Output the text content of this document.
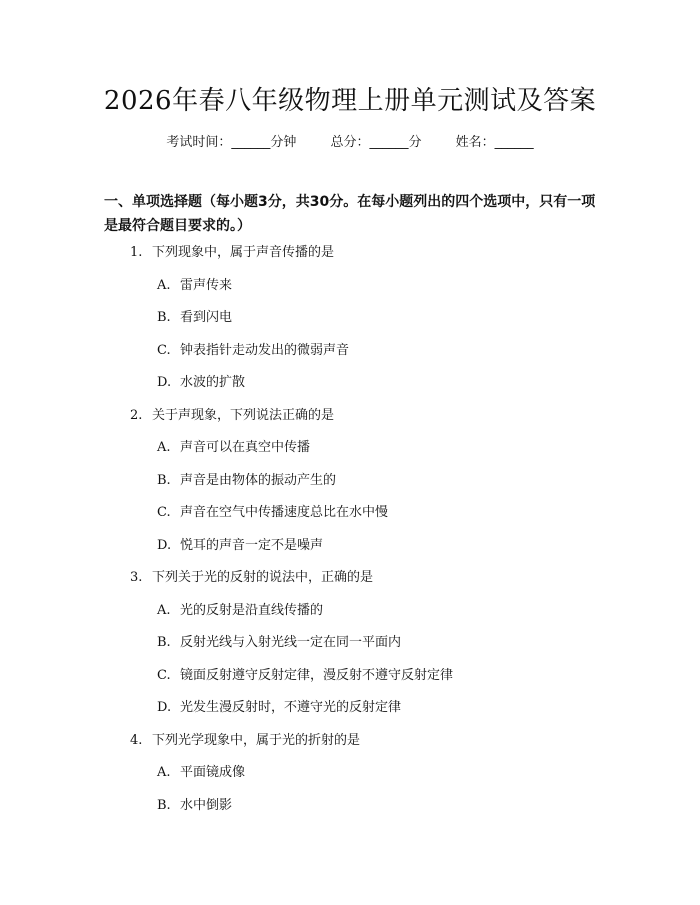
2026年春八年级物理上册单元测试及答案
考试时间：______分钟	总分：______分	姓名：______
一、单项选择题（每小题3分，共30分。在每小题列出的四个选项中，只有一项是最符合题目要求的。）
1. 下列现象中，属于声音传播的是
A. 雷声传来
B. 看到闪电
C. 钟表指针走动发出的微弱声音
D. 水波的扩散
2. 关于声现象，下列说法正确的是
A. 声音可以在真空中传播
B. 声音是由物体的振动产生的
C. 声音在空气中传播速度总比在水中慢
D. 悦耳的声音一定不是噪声
3. 下列关于光的反射的说法中，正确的是
A. 光的反射是沿直线传播的
B. 反射光线与入射光线一定在同一平面内
C. 镜面反射遵守反射定律，漫反射不遵守反射定律
D. 光发生漫反射时，不遵守光的反射定律
4. 下列光学现象中，属于光的折射的是
A. 平面镜成像
B. 水中倒影
